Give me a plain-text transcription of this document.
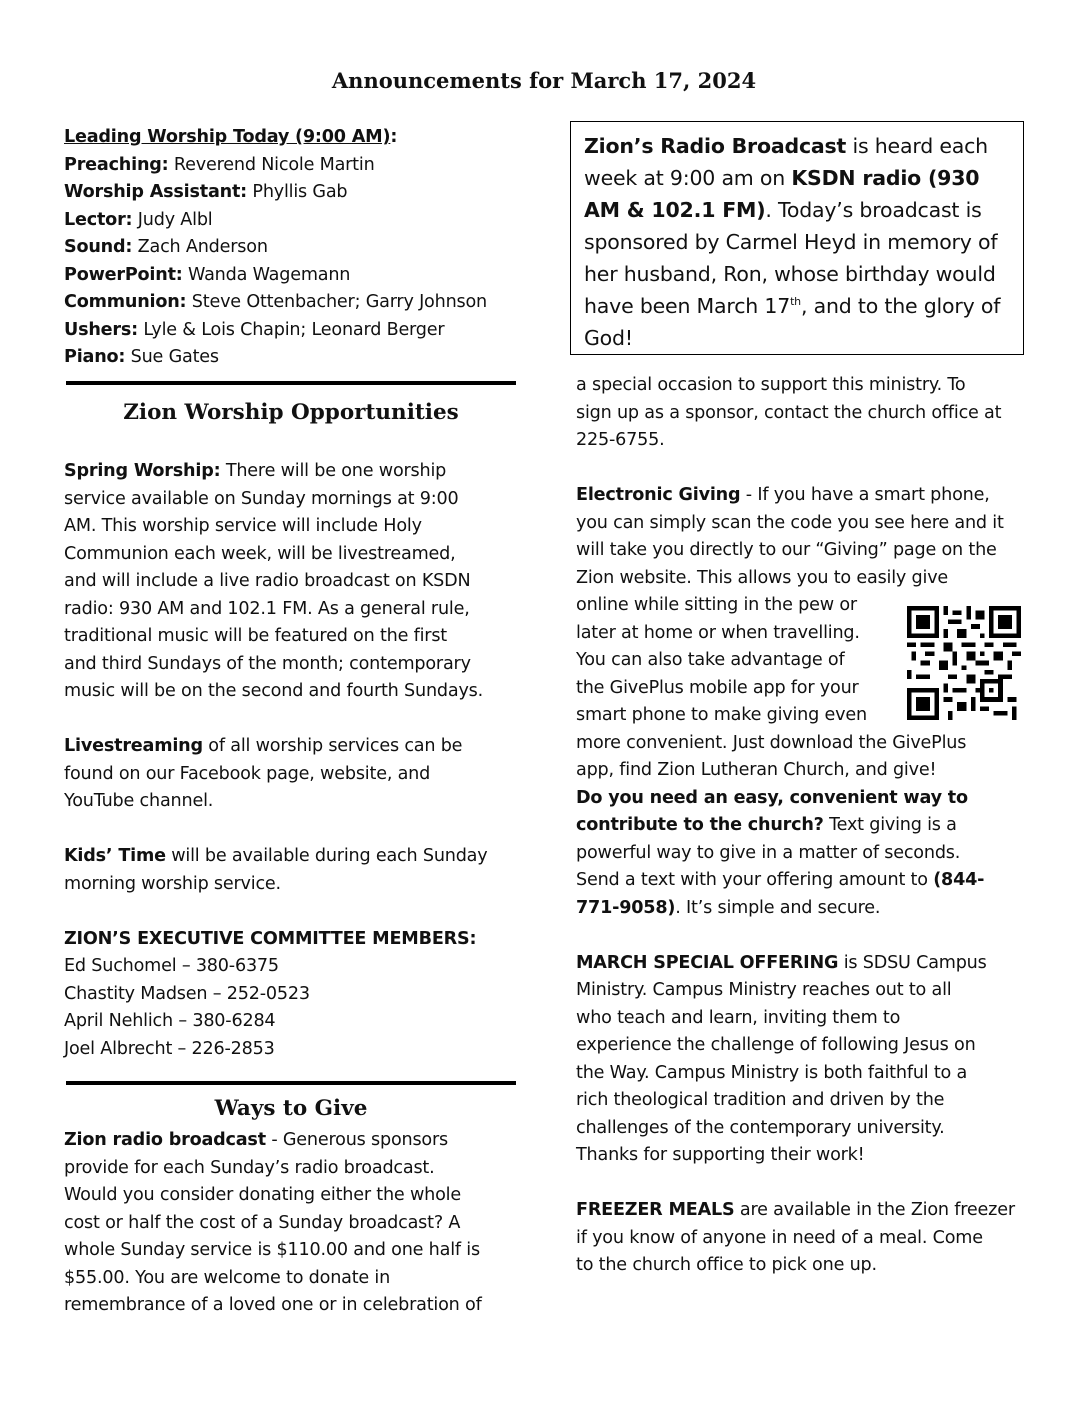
Announcements for March 17, 2024

Leading Worship Today (9:00 AM):

Preaching: Reverend Nicole Martin

Worship Assistant: Phyllis Gab

Lector: Judy Albl

Sound: Zach Anderson

PowerPoint: Wanda Wagemann

Communion: Steve Ottenbacher; Garry Johnson

Ushers: Lyle & Lois Chapin; Leonard Berger

Piano: Sue Gates

Zion Worship Opportunities

Spring Worship: There will be one worship

service available on Sunday mornings at 9:00

AM. This worship service will include Holy

Communion each week, will be livestreamed,

and will include a live radio broadcast on KSDN

radio: 930 AM and 102.1 FM. As a general rule,

traditional music will be featured on the first

and third Sundays of the month; contemporary

music will be on the second and fourth Sundays.

Livestreaming of all worship services can be

found on our Facebook page, website, and

YouTube channel.

Kids’ Time will be available during each Sunday

morning worship service.

ZION’S EXECUTIVE COMMITTEE MEMBERS:

Ed Suchomel – 380-6375

Chastity Madsen – 252-0523

April Nehlich – 380-6284

Joel Albrecht – 226-2853

Ways to Give

Zion radio broadcast - Generous sponsors

provide for each Sunday’s radio broadcast.

Would you consider donating either the whole

cost or half the cost of a Sunday broadcast? A

whole Sunday service is $110.00 and one half is

$55.00. You are welcome to donate in

remembrance of a loved one or in celebration of

Zion’s Radio Broadcast is heard each week at 9:00 am on KSDN radio (930 AM & 102.1 FM). Today’s broadcast is sponsored by Carmel Heyd in memory of her husband, Ron, whose birthday would have been March 17th, and to the glory of God!

a special occasion to support this ministry. To

sign up as a sponsor, contact the church office at

225-6755.

Electronic Giving - If you have a smart phone,

you can simply scan the code you see here and it

will take you directly to our “Giving” page on the

Zion website. This allows you to easily give

online while sitting in the pew or

later at home or when travelling.

You can also take advantage of

the GivePlus mobile app for your

smart phone to make giving even

more convenient. Just download the GivePlus

app, find Zion Lutheran Church, and give!

Do you need an easy, convenient way to

contribute to the church? Text giving is a

powerful way to give in a matter of seconds.

Send a text with your offering amount to (844-

771-9058). It’s simple and secure.

MARCH SPECIAL OFFERING is SDSU Campus

Ministry. Campus Ministry reaches out to all

who teach and learn, inviting them to

experience the challenge of following Jesus on

the Way. Campus Ministry is both faithful to a

rich theological tradition and driven by the

challenges of the contemporary university.

Thanks for supporting their work!

FREEZER MEALS are available in the Zion freezer

if you know of anyone in need of a meal. Come

to the church office to pick one up.
